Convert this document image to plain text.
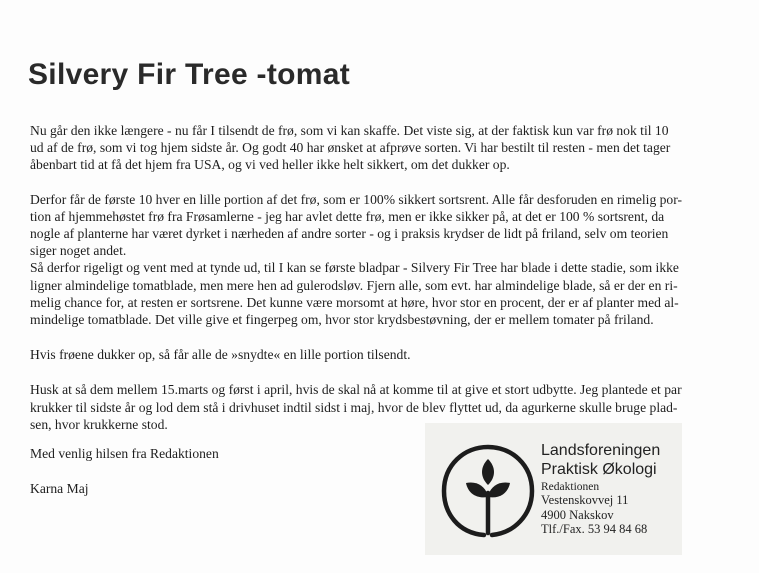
Silvery Fir Tree -tomat
Nu går den ikke længere - nu får I tilsendt de frø, som vi kan skaffe. Det viste sig, at der faktisk kun var frø nok til 10
ud af de frø, som vi tog hjem sidste år. Og godt 40 har ønsket at afprøve sorten. Vi har bestilt til resten - men det tager
åbenbart tid at få det hjem fra USA, og vi ved heller ikke helt sikkert, om det dukker op.
Derfor får de første 10 hver en lille portion af det frø, som er 100% sikkert sortsrent. Alle får desforuden en rimelig por-
tion af hjemmehøstet frø fra Frøsamlerne - jeg har avlet dette frø, men er ikke sikker på, at det er 100 % sortsrent, da
nogle af planterne har været dyrket i nærheden af andre sorter - og i praksis krydser de lidt på friland, selv om teorien
siger noget andet.
Så derfor rigeligt og vent med at tynde ud, til I kan se første bladpar - Silvery Fir Tree har blade i dette stadie, som ikke
ligner almindelige tomatblade, men mere hen ad gulerodsløv. Fjern alle, som evt. har almindelige blade, så er der en ri-
melig chance for, at resten er sortsrene. Det kunne være morsomt at høre, hvor stor en procent, der er af planter med al-
mindelige tomatblade. Det ville give et fingerpeg om, hvor stor krydsbestøvning, der er mellem tomater på friland.
Hvis frøene dukker op, så får alle de »snydte« en lille portion tilsendt.
Husk at så dem mellem 15.marts og først i april, hvis de skal nå at komme til at give et stort udbytte. Jeg plantede et par
krukker til sidste år og lod dem stå i drivhuset indtil sidst i maj, hvor de blev flyttet ud, da agurkerne skulle bruge plad-
sen, hvor krukkerne stod.
Med venlig hilsen fra Redaktionen
Karna Maj
Landsforeningen
Praktisk Økologi
Redaktionen
Vestenskovvej 11
4900 Nakskov
Tlf./Fax. 53 94 84 68
